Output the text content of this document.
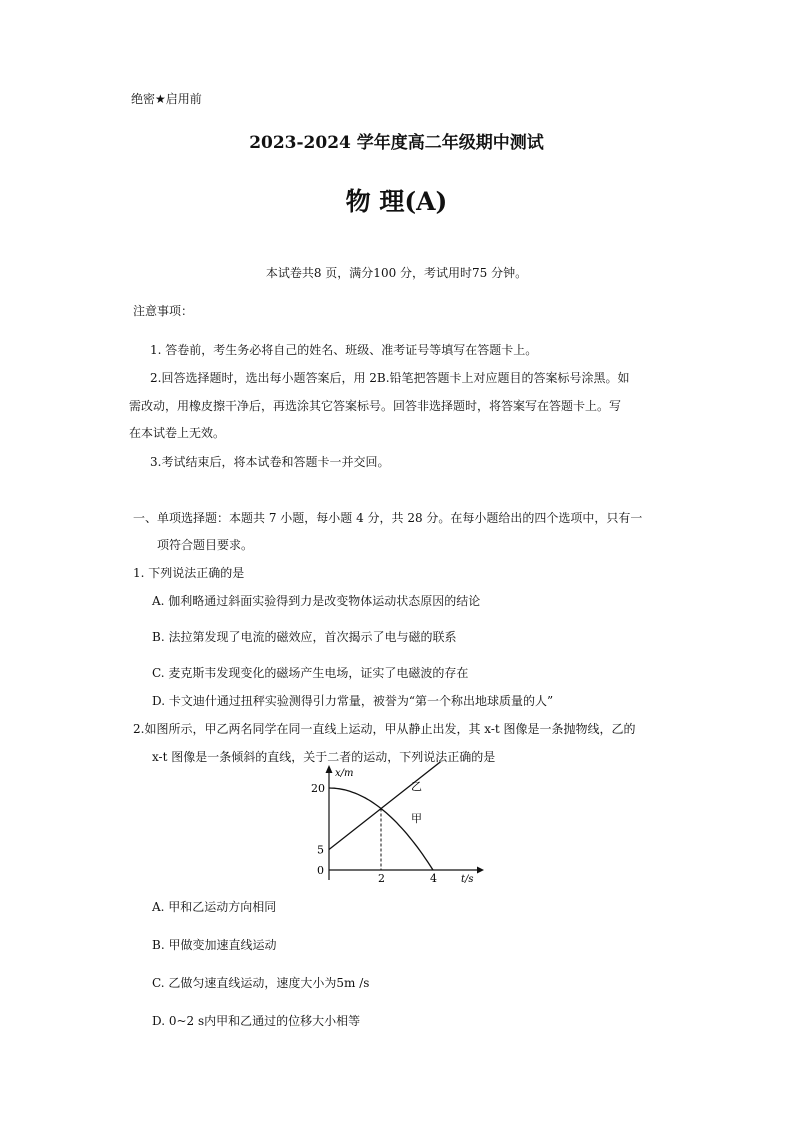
绝密★启用前
2023-2024 学年度高二年级期中测试
物 理(A)
本试卷共8 页，满分100 分，考试用时75 分钟。
注意事项：
1. 答卷前，考生务必将自己的姓名、班级、准考证号等填写在答题卡上。
2.回答选择题时，选出每小题答案后，用 2B.铅笔把答题卡上对应题目的答案标号涂黑。如
需改动，用橡皮擦干净后，再选涂其它答案标号。回答非选择题时，将答案写在答题卡上。写
在本试卷上无效。
3.考试结束后，将本试卷和答题卡一并交回。
一、单项选择题：本题共 7 小题，每小题 4 分，共 28 分。在每小题给出的四个选项中，只有一
项符合题目要求。
1. 下列说法正确的是
A. 伽利略通过斜面实验得到力是改变物体运动状态原因的结论
B. 法拉第发现了电流的磁效应，首次揭示了电与磁的联系
C. 麦克斯韦发现变化的磁场产生电场，证实了电磁波的存在
D. 卡文迪什通过扭秤实验测得引力常量，被誉为“第一个称出地球质量的人”
2.如图所示，甲乙两名同学在同一直线上运动，甲从静止出发，其 x-t 图像是一条抛物线，乙的
x-t 图像是一条倾斜的直线，关于二者的运动，下列说法正确的是
x/m
t/s
0
5
20
2	4
乙
甲
A. 甲和乙运动方向相同
B. 甲做变加速直线运动
C. 乙做匀速直线运动，速度大小为5m /s
D. 0~2 s内甲和乙通过的位移大小相等
